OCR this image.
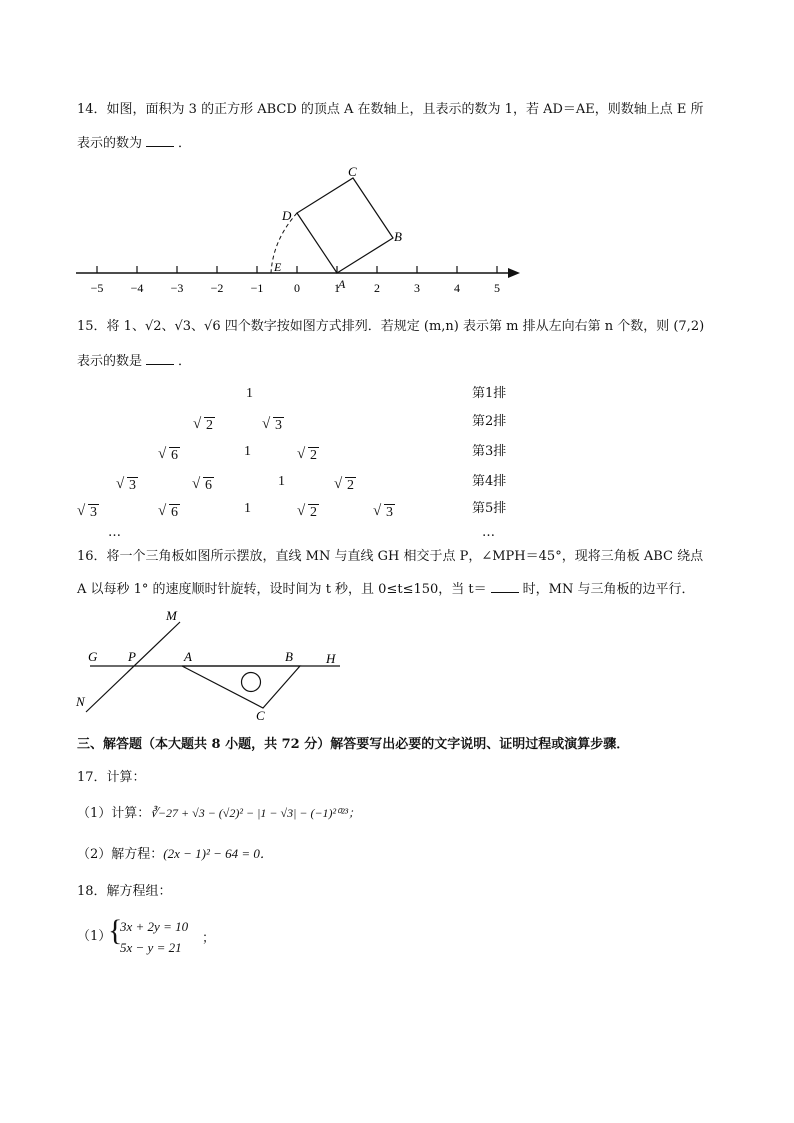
14．如图，面积为 3 的正方形 ABCD 的顶点 A 在数轴上，且表示的数为 1，若 AD＝AE，则数轴上点 E 所
表示的数为	．
−5 −4 −3 −2 −1	0	1	2	3	4	5
C
B
D
E
A
15．将 1、√2、√3、√6 四个数字按如图方式排列．若规定 (m,n) 表示第 m 排从左向右第 n 个数，则 (7,2)
表示的数是	．
1	第1排
√ 2	√ 3	第2排
√ 6	1	√ 2	第3排
√ 3	√ 6	1	√ 2	第4排
√ 3	√ 6	1	√ 2	√ 3	第5排
…	…
16．将一个三角板如图所示摆放，直线 MN 与直线 GH 相交于点 P，∠MPH＝45°，现将三角板 ABC 绕点
A 以每秒 1° 的速度顺时针旋转，设时间为 t 秒，且 0≤t≤150，当 t＝	时，MN 与三角板的边平行．
M
N
G P	A	B	H
C
三、解答题（本大题共 8 小题，共 72 分）解答要写出必要的文字说明、证明过程或演算步骤．
17．计算：
（1）计算：∛−27 + √3 − (√2)² − |1 − √3| − (−1)²⁰²³；
（2）解方程：(2x − 1)² − 64 = 0．
18．解方程组：
（1）
{
3x + 2y = 10
5x − y = 21
；
